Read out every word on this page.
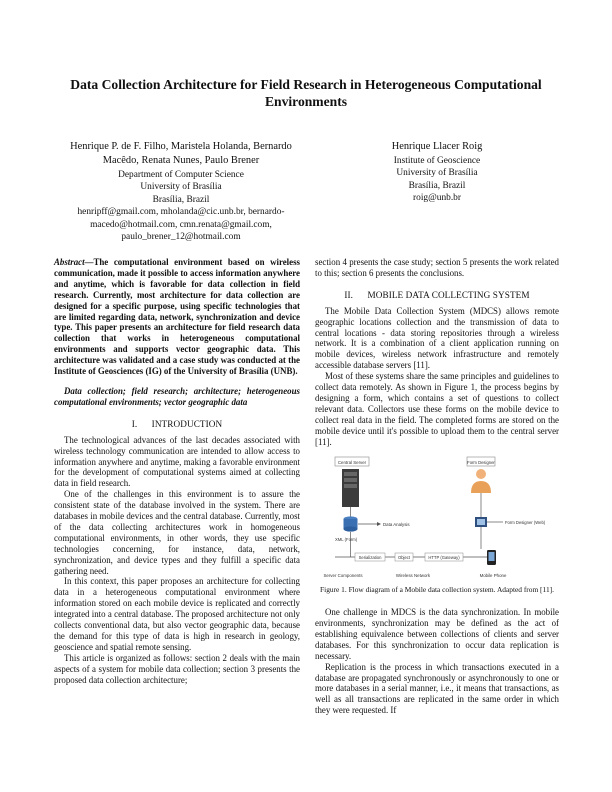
Data Collection Architecture for Field Research in Heterogeneous Computational Environments
Henrique P. de F. Filho, Maristela Holanda, Bernardo Macêdo, Renata Nunes, Paulo Brener
Department of Computer Science
University of Brasília
Brasília, Brazil
henripff@gmail.com, mholanda@cic.unb.br, bernardo-macedo@hotmail.com, cmn.renata@gmail.com, paulo_brener_12@hotmail.com
Henrique Llacer Roig
Institute of Geoscience
University of Brasília
Brasília, Brazil
roig@unb.br

Abstract—The computational environment based on wireless communication, made it possible to access information anywhere and anytime, which is favorable for data collection in field research. Currently, most architecture for data collection are designed for a specific purpose, using specific technologies that are limited regarding data, network, synchronization and device type. This paper presents an architecture for field research data collection that works in heterogeneous computational environments and supports vector geographic data. This architecture was validated and a case study was conducted at the Institute of Geosciences (IG) of the University of Brasília (UNB).

Data collection; field research; architecture; heterogeneous computational environments; vector geographic data

I.      INTRODUCTION

The technological advances of the last decades associated with wireless technology communication are intended to allow access to information anywhere and anytime, making a favorable environment for the development of computational systems aimed at collecting data in field research.

One of the challenges in this environment is to assure the consistent state of the database involved in the system. There are databases in mobile devices and the central database. Currently, most of the data collecting architectures work in homogeneous computational environments, in other words, they use specific technologies concerning, for instance, data, network, synchronization, and device types and they fulfill a specific data gathering need.

In this context, this paper proposes an architecture for collecting data in a heterogeneous computational environment where information stored on each mobile device is replicated and correctly integrated into a central database. The proposed architecture not only collects conventional data, but also vector geographic data, because the demand for this type of data is high in research in geology, geoscience and spatial remote sensing.

This article is organized as follows: section 2 deals with the main aspects of a system for mobile data collection; section 3 presents the proposed data collection architecture;

section 4 presents the case study; section 5 presents the work related to this; section 6 presents the conclusions.

II.      MOBILE DATA COLLECTING SYSTEM

The Mobile Data Collection System (MDCS) allows remote geographic locations collection and the transmission of data to central locations - data storing repositories through a wireless network. It is a combination of a client application running on mobile devices, wireless network infrastructure and remotely accessible database servers [11].

Most of these systems share the same principles and guidelines to collect data remotely. As shown in Figure 1, the process begins by designing a form, which contains a set of questions to collect relevant data. Collectors use these forms on the mobile device to collect real data in the field. The completed forms are stored on the mobile device until it's possible to upload them to the central server [11].

Central Server
Data Analysis
XML (Form)
Serialization	Object	HTTP (Gateway)
Form Designer
Form Designer (Web)
Server Components	Wireless Network	Mobile Phone
Figure 1. Flow diagram of a Mobile data collection system. Adapted from [11].

One challenge in MDCS is the data synchronization. In mobile environments, synchronization may be defined as the act of establishing equivalence between collections of clients and server databases. For this synchronization to occur data replication is necessary.

Replication is the process in which transactions executed in a database are propagated synchronously or asynchronously to one or more databases in a serial manner, i.e., it means that transactions, as well as all transactions are replicated in the same order in which they were requested. If
